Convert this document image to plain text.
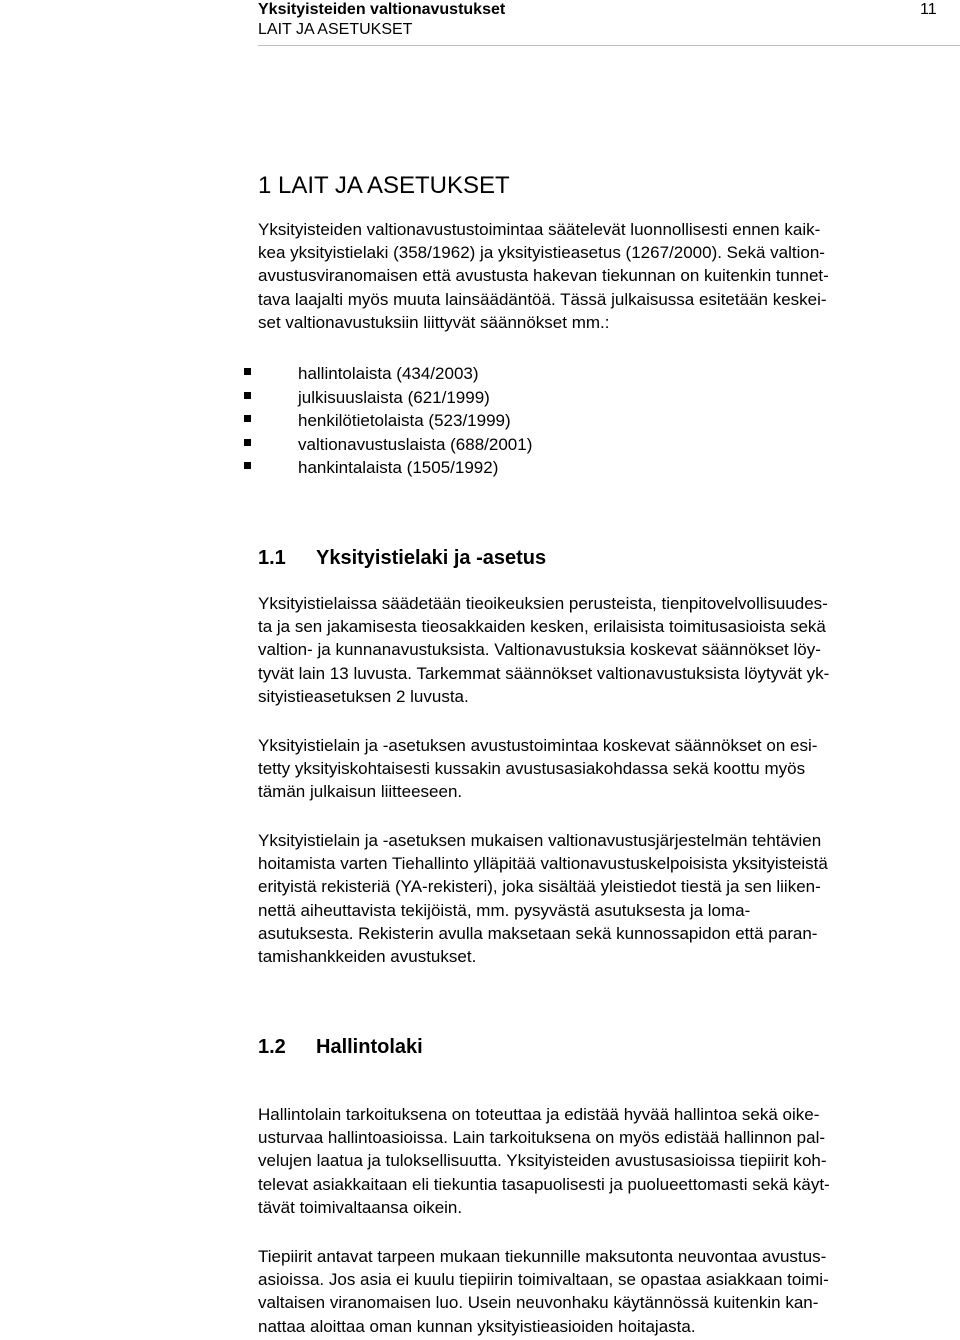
Yksityisteiden valtionavustukset
LAIT JA ASETUKSET
11
1 LAIT JA ASETUKSET

Yksityisteiden valtionavustustoimintaa säätelevät luonnollisesti ennen kaik-

kea yksityistielaki (358/1962) ja yksityistieasetus (1267/2000). Sekä valtion-

avustusviranomaisen että avustusta hakevan tiekunnan on kuitenkin tunnet-

tava laajalti myös muuta lainsäädäntöä. Tässä julkaisussa esitetään keskei-

set valtionavustuksiin liittyvät säännökset mm.:

hallintolaista (434/2003)
julkisuuslaista (621/1999)
henkilötietolaista (523/1999)
valtionavustuslaista (688/2001)
hankintalaista (1505/1992)
1.1 Yksityistielaki ja -asetus

Yksityistielaissa säädetään tieoikeuksien perusteista, tienpitovelvollisuudes-

ta ja sen jakamisesta tieosakkaiden kesken, erilaisista toimitusasioista sekä

valtion- ja kunnanavustuksista. Valtionavustuksia koskevat säännökset löy-

tyvät lain 13 luvusta. Tarkemmat säännökset valtionavustuksista löytyvät yk-

sityistieasetuksen 2 luvusta.

Yksityistielain ja -asetuksen avustustoimintaa koskevat säännökset on esi-

tetty yksityiskohtaisesti kussakin avustusasiakohdassa sekä koottu myös

tämän julkaisun liitteeseen.

Yksityistielain ja -asetuksen mukaisen valtionavustusjärjestelmän tehtävien

hoitamista varten Tiehallinto ylläpitää valtionavustuskelpoisista yksityisteistä

erityistä rekisteriä (YA-rekisteri), joka sisältää yleistiedot tiestä ja sen liiken-

nettä aiheuttavista tekijöistä, mm. pysyvästä asutuksesta ja loma-

asutuksesta. Rekisterin avulla maksetaan sekä kunnossapidon että paran-

tamishankkeiden avustukset.

1.2 Hallintolaki

Hallintolain tarkoituksena on toteuttaa ja edistää hyvää hallintoa sekä oike-

usturvaa hallintoasioissa. Lain tarkoituksena on myös edistää hallinnon pal-

velujen laatua ja tuloksellisuutta. Yksityisteiden avustusasioissa tiepiirit koh-

televat asiakkaitaan eli tiekuntia tasapuolisesti ja puolueettomasti sekä käyt-

tävät toimivaltaansa oikein.

Tiepiirit antavat tarpeen mukaan tiekunnille maksutonta neuvontaa avustus-

asioissa. Jos asia ei kuulu tiepiirin toimivaltaan, se opastaa asiakkaan toimi-

valtaisen viranomaisen luo. Usein neuvonhaku käytännössä kuitenkin kan-

nattaa aloittaa oman kunnan yksityistieasioiden hoitajasta.
